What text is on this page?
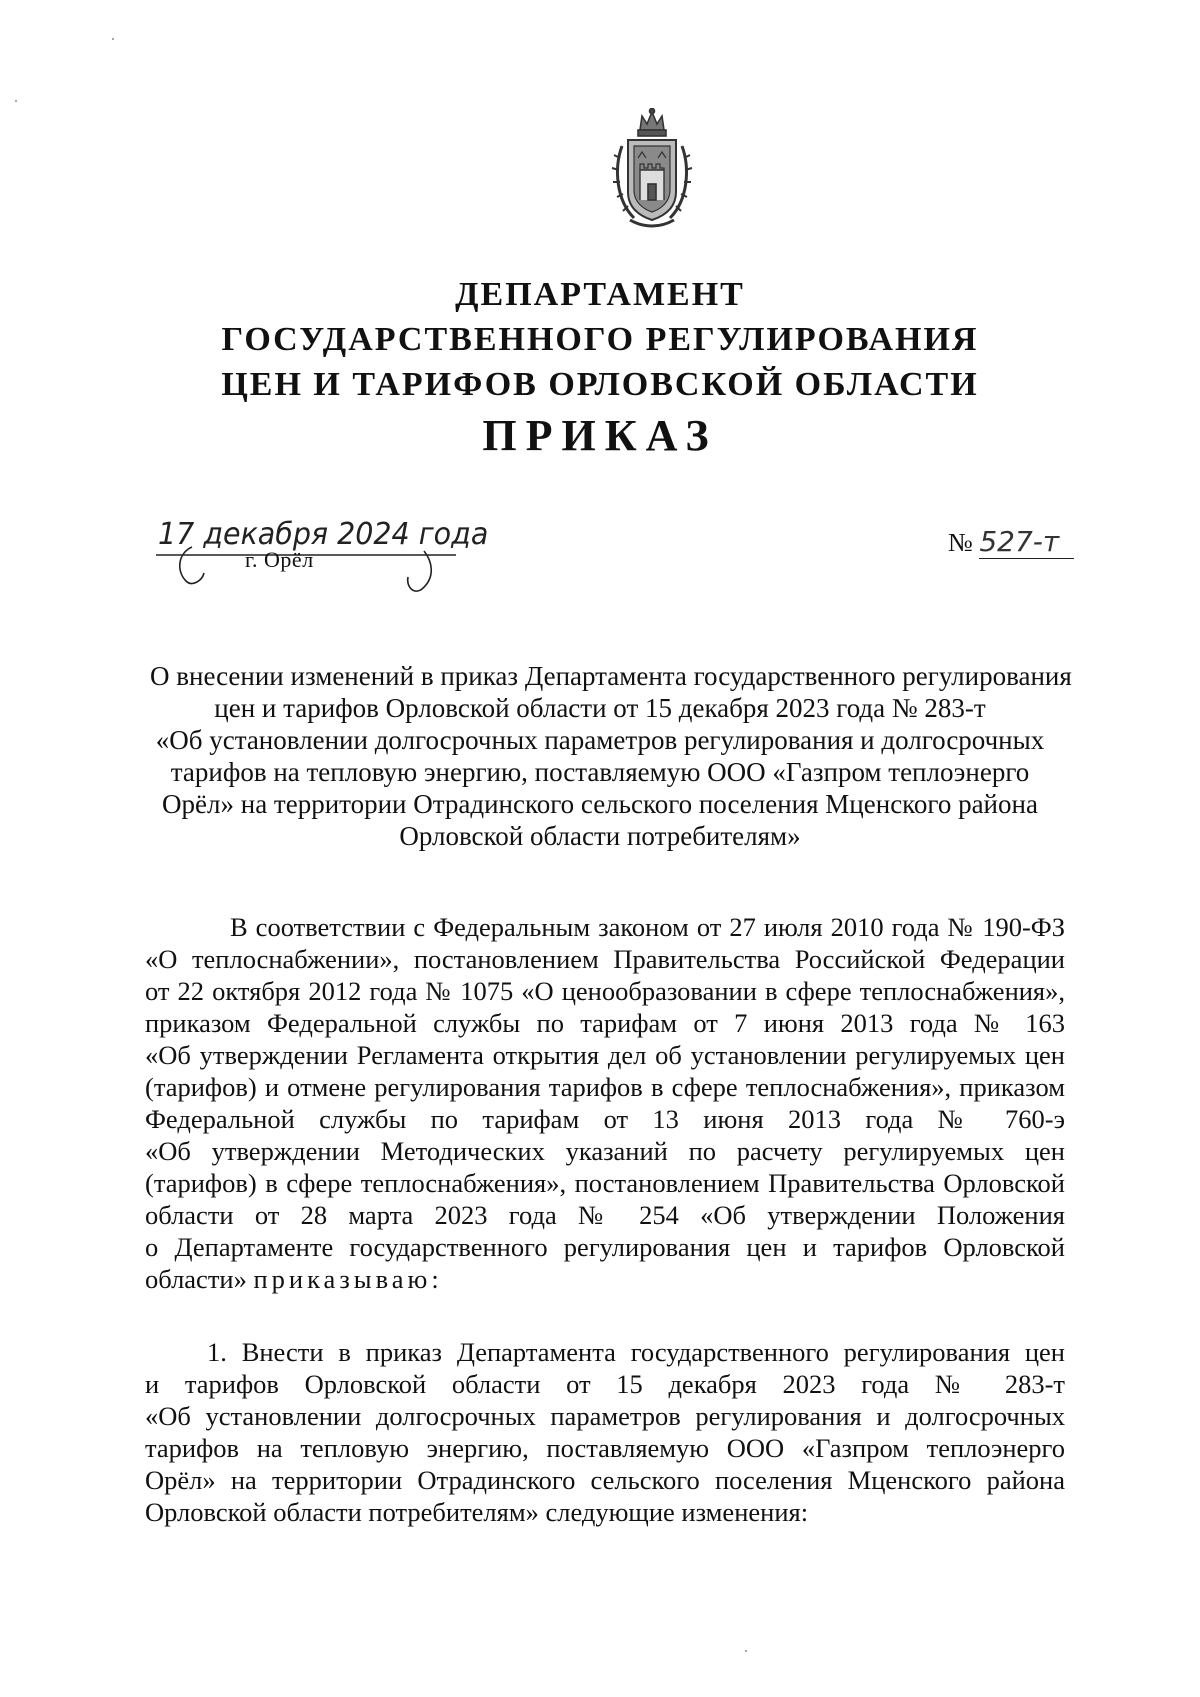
ДЕПАРТАМЕНТ
ГОСУДАРСТВЕННОГО РЕГУЛИРОВАНИЯ
ЦЕН И ТАРИФОВ ОРЛОВСКОЙ ОБЛАСТИ
ПРИКАЗ
17 декабря 2024 года
г. Орёл
№ 527-т
О внесении изменений в приказ Департамента государственного регулирования
цен и тарифов Орловской области от 15 декабря 2023 года № 283-т
«Об установлении долгосрочных параметров регулирования и долгосрочных
тарифов на тепловую энергию, поставляемую ООО «Газпром теплоэнерго
Орёл» на территории Отрадинского сельского поселения Мценского района
Орловской области потребителям»
В соответствии с Федеральным законом от 27 июля 2010 года № 190-ФЗ
«О теплоснабжении», постановлением Правительства Российской Федерации
от 22 октября 2012 года № 1075 «О ценообразовании в сфере теплоснабжения»,
приказом Федеральной службы по тарифам от 7 июня 2013 года № 163
«Об утверждении Регламента открытия дел об установлении регулируемых цен
(тарифов) и отмене регулирования тарифов в сфере теплоснабжения», приказом
Федеральной службы по тарифам от 13 июня 2013 года № 760-э
«Об утверждении Методических указаний по расчету регулируемых цен
(тарифов) в сфере теплоснабжения», постановлением Правительства Орловской
области от 28 марта 2023 года № 254 «Об утверждении Положения
о Департаменте государственного регулирования цен и тарифов Орловской
области» приказываю:
1. Внести в приказ Департамента государственного регулирования цен
и тарифов Орловской области от 15 декабря 2023 года № 283-т
«Об установлении долгосрочных параметров регулирования и долгосрочных
тарифов на тепловую энергию, поставляемую ООО «Газпром теплоэнерго
Орёл» на территории Отрадинского сельского поселения Мценского района
Орловской области потребителям» следующие изменения:
